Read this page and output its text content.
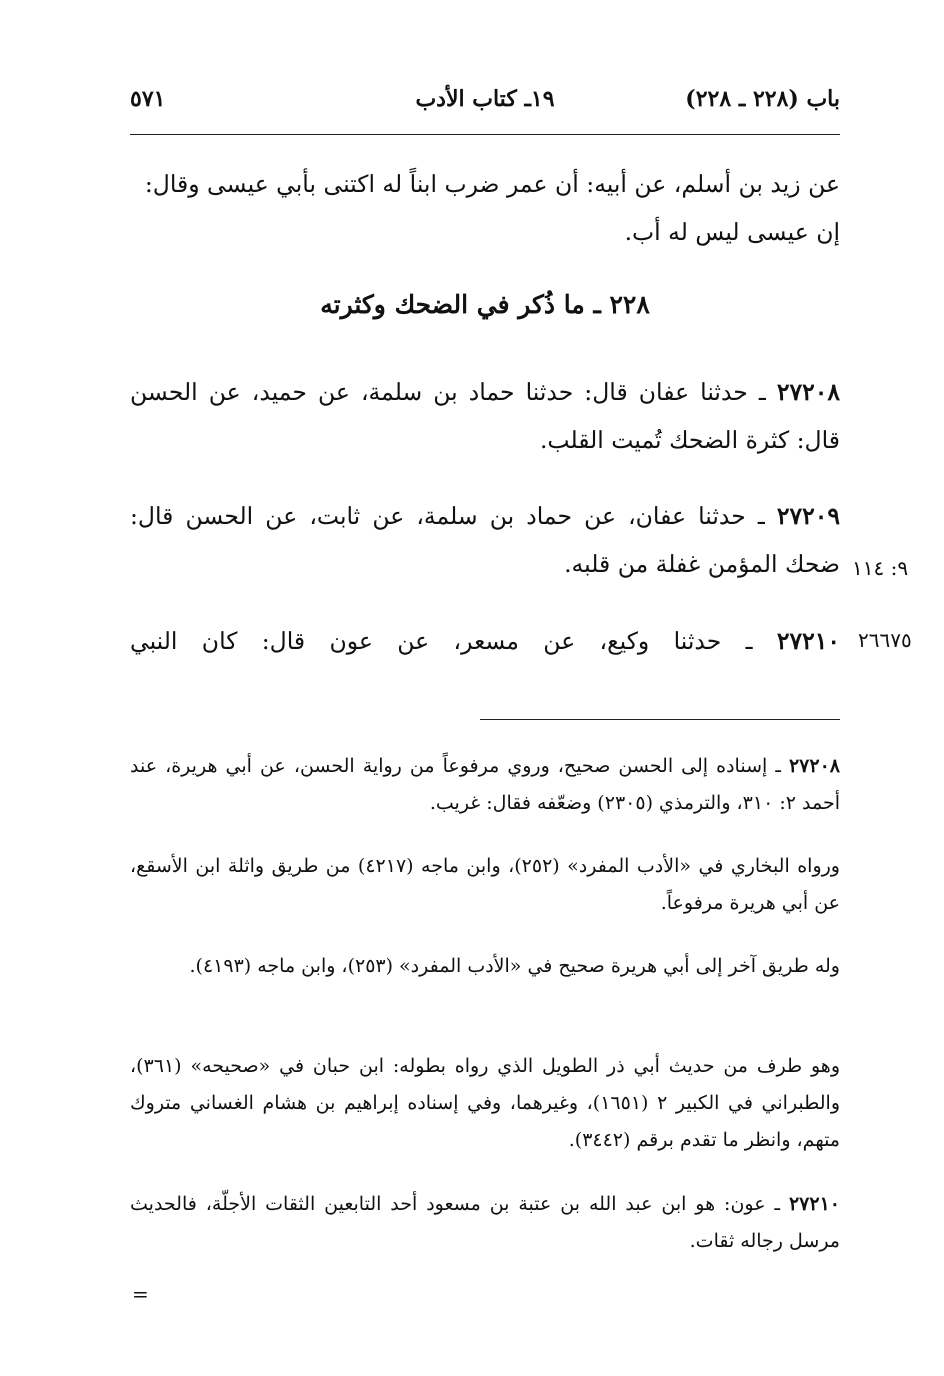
باب (٢٢٨ ـ ٢٢٨)
١٩ـ كتاب الأدب
٥٧١
عن زيد بن أسلم، عن أبيه: أن عمر ضرب ابناً له اكتنى بأبي عيسى وقال:
إن عيسى ليس له أب.
٢٢٨ ـ ما ذُكر في الضحك وكثرته
٢٧٢٠٨ ـ حدثنا عفان قال: حدثنا حماد بن سلمة، عن حميد، عن الحسن قال: كثرة الضحك تُميت القلب.
٢٧٢٠٩ ـ حدثنا عفان، عن حماد بن سلمة، عن ثابت، عن الحسن قال: ضحك المؤمن غفلة من قلبه. ٩: ١١٤
٢٧٢١٠ ـ حدثنا وكيع، عن مسعر، عن عون قال: كان النبي	٢٦٦٧٥
٢٧٢٠٨ ـ إسناده إلى الحسن صحيح، وروي مرفوعاً من رواية الحسن، عن أبي هريرة، عند أحمد ٢: ٣١٠، والترمذي (٢٣٠٥) وضعّفه فقال: غريب.
ورواه البخاري في «الأدب المفرد» (٢٥٢)، وابن ماجه (٤٢١٧) من طريق واثلة ابن الأسقع، عن أبي هريرة مرفوعاً.
وله طريق آخر إلى أبي هريرة صحيح في «الأدب المفرد» (٢٥٣)، وابن ماجه (٤١٩٣).
وهو طرف من حديث أبي ذر الطويل الذي رواه بطوله: ابن حبان في «صحيحه» (٣٦١)، والطبراني في الكبير ٢ (١٦٥١)، وغيرهما، وفي إسناده إبراهيم بن هشام الغساني متروك متهم، وانظر ما تقدم برقم (٣٤٤٢).
٢٧٢١٠ ـ عون: هو ابن عبد الله بن عتبة بن مسعود أحد التابعين الثقات الأجلّة، فالحديث مرسل رجاله ثقات.
=
